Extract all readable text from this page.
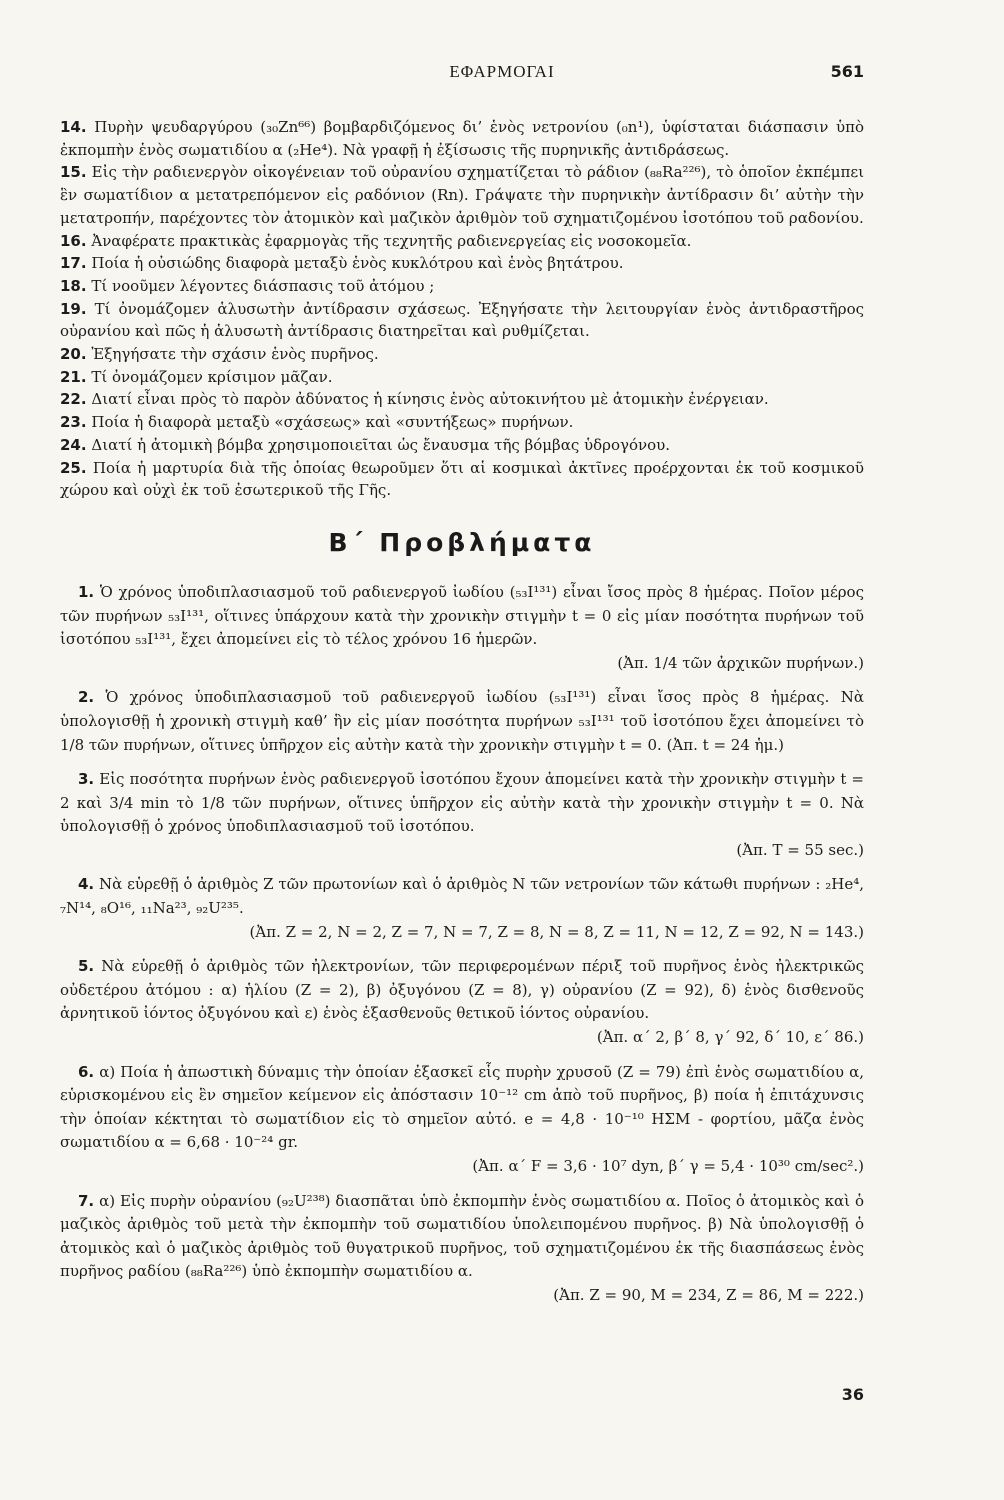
ΕΦΑΡΜΟΓΑΙ	561
14. Πυρὴν ψευδαργύρου (₃₀Zn⁶⁶) βομβαρδιζόμενος δι’ ἑνὸς νετρονίου (₀n¹), ὑφίσταται διάσπασιν ὑπὸ ἐκπομπὴν ἑνὸς σωματιδίου α (₂He⁴). Νὰ γραφῇ ἡ ἐξίσωσις τῆς πυρηνικῆς ἀντιδράσεως.
15. Εἰς τὴν ραδιενεργὸν οἰκογένειαν τοῦ οὐρανίου σχηματίζεται τὸ ράδιον (₈₈Ra²²⁶), τὸ ὁποῖον ἐκπέμπει ἓν σωματίδιον α μετατρεπόμενον εἰς ραδόνιον (Rn). Γράψατε τὴν πυρηνικὴν ἀντίδρασιν δι’ αὐτὴν τὴν μετατροπήν, παρέχοντες τὸν ἀτομικὸν καὶ μαζικὸν ἀριθμὸν τοῦ σχηματιζομένου ἰσοτόπου τοῦ ραδονίου.
16. Ἀναφέρατε πρακτικὰς ἐφαρμογὰς τῆς τεχνητῆς ραδιενεργείας εἰς νοσοκομεῖα.
17. Ποία ἡ οὐσιώδης διαφορὰ μεταξὺ ἑνὸς κυκλότρου καὶ ἑνὸς βητάτρου.
18. Τί νοοῦμεν λέγοντες διάσπασις τοῦ ἀτόμου ;
19. Τί ὀνομάζομεν ἁλυσωτὴν ἀντίδρασιν σχάσεως. Ἐξηγήσατε τὴν λειτουργίαν ἑνὸς ἀντιδραστῆρος οὐρανίου καὶ πῶς ἡ ἁλυσωτὴ ἀντίδρασις διατηρεῖται καὶ ρυθμίζεται.
20. Ἐξηγήσατε τὴν σχάσιν ἑνὸς πυρῆνος.
21. Τί ὀνομάζομεν κρίσιμον μᾶζαν.
22. Διατί εἶναι πρὸς τὸ παρὸν ἀδύνατος ἡ κίνησις ἑνὸς αὐτοκινήτου μὲ ἀτομικὴν ἐνέργειαν.
23. Ποία ἡ διαφορὰ μεταξὺ «σχάσεως» καὶ «συντήξεως» πυρήνων.
24. Διατί ἡ ἀτομικὴ βόμβα χρησιμοποιεῖται ὡς ἔναυσμα τῆς βόμβας ὑδρογόνου.
25. Ποία ἡ μαρτυρία διὰ τῆς ὁποίας θεωροῦμεν ὅτι αἱ κοσμικαὶ ἀκτῖνες προέρχονται ἐκ τοῦ κοσμικοῦ χώρου καὶ οὐχὶ ἐκ τοῦ ἐσωτερικοῦ τῆς Γῆς.
Β΄ Προβλήματα
1. Ὁ χρόνος ὑποδιπλασιασμοῦ τοῦ ραδιενεργοῦ ἰωδίου (₅₃I¹³¹) εἶναι ἴσος πρὸς 8 ἡμέρας. Ποῖον μέρος τῶν πυρήνων ₅₃I¹³¹, οἵτινες ὑπάρχουν κατὰ τὴν χρονικὴν στιγμὴν t = 0 εἰς μίαν ποσότητα πυρήνων τοῦ ἰσοτόπου ₅₃I¹³¹, ἔχει ἀπομείνει εἰς τὸ τέλος χρόνου 16 ἡμερῶν.
(Ἀπ. 1/4 τῶν ἀρχικῶν πυρήνων.)
2. Ὁ χρόνος ὑποδιπλασιασμοῦ τοῦ ραδιενεργοῦ ἰωδίου (₅₃I¹³¹) εἶναι ἴσος πρὸς 8 ἡμέρας. Νὰ ὑπολογισθῇ ἡ χρονικὴ στιγμὴ καθ’ ἣν εἰς μίαν ποσότητα πυρήνων ₅₃I¹³¹ τοῦ ἰσοτόπου ἔχει ἀπομείνει τὸ 1/8 τῶν πυρήνων, οἵτινες ὑπῆρχον εἰς αὐτὴν κατὰ τὴν χρονικὴν στιγμὴν t = 0. (Ἀπ. t = 24 ἡμ.)
3. Εἰς ποσότητα πυρήνων ἑνὸς ραδιενεργοῦ ἰσοτόπου ἔχουν ἀπομείνει κατὰ τὴν χρονικὴν στιγμὴν t = 2 καὶ 3/4 min τὸ 1/8 τῶν πυρήνων, οἵτινες ὑπῆρχον εἰς αὐτὴν κατὰ τὴν χρονικὴν στιγμὴν t = 0. Νὰ ὑπολογισθῇ ὁ χρόνος ὑποδιπλασιασμοῦ τοῦ ἰσοτόπου.
(Ἀπ. T = 55 sec.)
4. Νὰ εὑρεθῇ ὁ ἀριθμὸς Ζ τῶν πρωτονίων καὶ ὁ ἀριθμὸς Ν τῶν νετρονίων τῶν κάτωθι πυρήνων : ₂He⁴, ₇N¹⁴, ₈O¹⁶, ₁₁Na²³, ₉₂U²³⁵.
(Ἀπ. Z = 2, N = 2, Z = 7, N = 7, Z = 8, N = 8, Z = 11, N = 12, Z = 92, N = 143.)
5. Νὰ εὑρεθῇ ὁ ἀριθμὸς τῶν ἠλεκτρονίων, τῶν περιφερομένων πέριξ τοῦ πυρῆνος ἑνὸς ἠλεκτρικῶς οὐδετέρου ἀτόμου : α) ἡλίου (Z = 2), β) ὀξυγόνου (Z = 8), γ) οὐρανίου (Z = 92), δ) ἑνὸς δισθενοῦς ἀρνητικοῦ ἰόντος ὀξυγόνου καὶ ε) ἑνὸς ἑξασθενοῦς θετικοῦ ἰόντος οὐρανίου.
(Ἀπ. α΄ 2, β΄ 8, γ΄ 92, δ΄ 10, ε΄ 86.)
6. α) Ποία ἡ ἀπωστικὴ δύναμις τὴν ὁποίαν ἐξασκεῖ εἷς πυρὴν χρυσοῦ (Z = 79) ἐπὶ ἑνὸς σωματιδίου α, εὑρισκομένου εἰς ἓν σημεῖον κείμενον εἰς ἀπόστασιν 10⁻¹² cm ἀπὸ τοῦ πυρῆνος, β) ποία ἡ ἐπιτάχυνσις τὴν ὁποίαν κέκτηται τὸ σωματίδιον εἰς τὸ σημεῖον αὐτό. e = 4,8 · 10⁻¹⁰ ΗΣΜ - φορτίου, μᾶζα ἑνὸς σωματιδίου α = 6,68 · 10⁻²⁴ gr.
(Ἀπ. α΄ F = 3,6 · 10⁷ dyn, β΄ γ = 5,4 · 10³⁰ cm/sec².)
7. α) Εἰς πυρὴν οὐρανίου (₉₂U²³⁸) διασπᾶται ὑπὸ ἐκπομπὴν ἑνὸς σωματιδίου α. Ποῖος ὁ ἀτομικὸς καὶ ὁ μαζικὸς ἀριθμὸς τοῦ μετὰ τὴν ἐκπομπὴν τοῦ σωματιδίου ὑπολειπομένου πυρῆνος. β) Νὰ ὑπολογισθῇ ὁ ἀτομικὸς καὶ ὁ μαζικὸς ἀριθμὸς τοῦ θυγατρικοῦ πυρῆνος, τοῦ σχηματιζομένου ἐκ τῆς διασπάσεως ἑνὸς πυρῆνος ραδίου (₈₈Ra²²⁶) ὑπὸ ἐκπομπὴν σωματιδίου α.
(Ἀπ. Z = 90, M = 234, Z = 86, M = 222.)
36
